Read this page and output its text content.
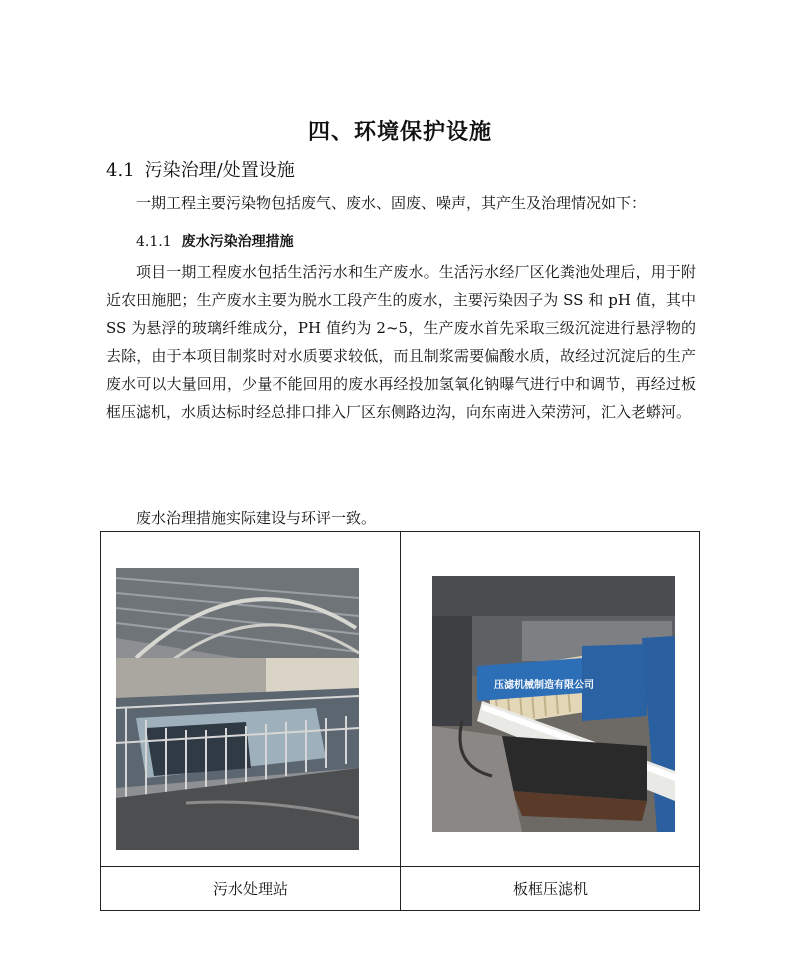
四、环境保护设施
4.1 污染治理/处置设施
一期工程主要污染物包括废气、废水、固废、噪声，其产生及治理情况如下：
4.1.1 废水污染治理措施
项目一期工程废水包括生活污水和生产废水。生活污水经厂区化粪池处理后，用于附近农田施肥；生产废水主要为脱水工段产生的废水，主要污染因子为 SS 和 pH 值，其中 SS 为悬浮的玻璃纤维成分，PH 值约为 2~5，生产废水首先采取三级沉淀进行悬浮物的去除，由于本项目制浆时对水质要求较低，而且制浆需要偏酸水质，故经过沉淀后的生产废水可以大量回用，少量不能回用的废水再经投加氢氧化钠曝气进行中和调节，再经过板框压滤机，水质达标时经总排口排入厂区东侧路边沟，向东南进入荣涝河，汇入老蟒河。
废水治理措施实际建设与环评一致。
压滤机械制造有限公司
污水处理站	板框压滤机
